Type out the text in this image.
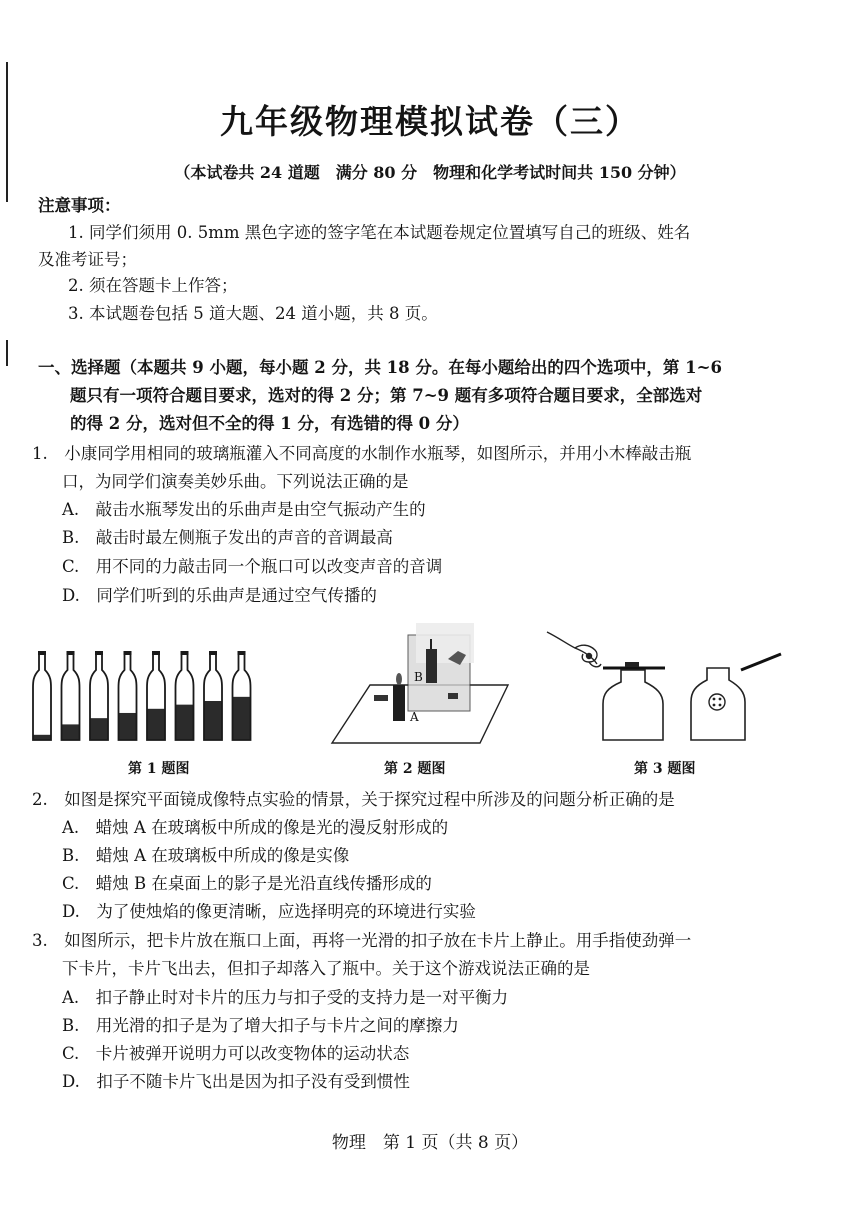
九年级物理模拟试卷（三）
（本试卷共 24 道题　满分 80 分　物理和化学考试时间共 150 分钟）
注意事项：
1. 同学们须用 0. 5mm 黑色字迹的签字笔在本试题卷规定位置填写自己的班级、姓名
及准考证号；
2. 须在答题卡上作答；
3. 本试题卷包括 5 道大题、24 道小题，共 8 页。
一、选择题（本题共 9 小题，每小题 2 分，共 18 分。在每小题给出的四个选项中，第 1~6
题只有一项符合题目要求，选对的得 2 分；第 7~9 题有多项符合题目要求，全部选对
的得 2 分，选对但不全的得 1 分，有选错的得 0 分）
1.　小康同学用相同的玻璃瓶灌入不同高度的水制作水瓶琴，如图所示，并用小木棒敲击瓶
口，为同学们演奏美妙乐曲。下列说法正确的是
A.　敲击水瓶琴发出的乐曲声是由空气振动产生的
B.　敲击时最左侧瓶子发出的声音的音调最高
C.　用不同的力敲击同一个瓶口可以改变声音的音调
D.　同学们听到的乐曲声是通过空气传播的
B
A
第 1 题图	第 2 题图	第 3 题图
2.　如图是探究平面镜成像特点实验的情景，关于探究过程中所涉及的问题分析正确的是
A.　蜡烛 A 在玻璃板中所成的像是光的漫反射形成的
B.　蜡烛 A 在玻璃板中所成的像是实像
C.　蜡烛 B 在桌面上的影子是光沿直线传播形成的
D.　为了使烛焰的像更清晰，应选择明亮的环境进行实验
3.　如图所示，把卡片放在瓶口上面，再将一光滑的扣子放在卡片上静止。用手指使劲弹一
下卡片，卡片飞出去，但扣子却落入了瓶中。关于这个游戏说法正确的是
A.　扣子静止时对卡片的压力与扣子受的支持力是一对平衡力
B.　用光滑的扣子是为了增大扣子与卡片之间的摩擦力
C.　卡片被弹开说明力可以改变物体的运动状态
D.　扣子不随卡片飞出是因为扣子没有受到惯性
物理　第 1 页（共 8 页）
